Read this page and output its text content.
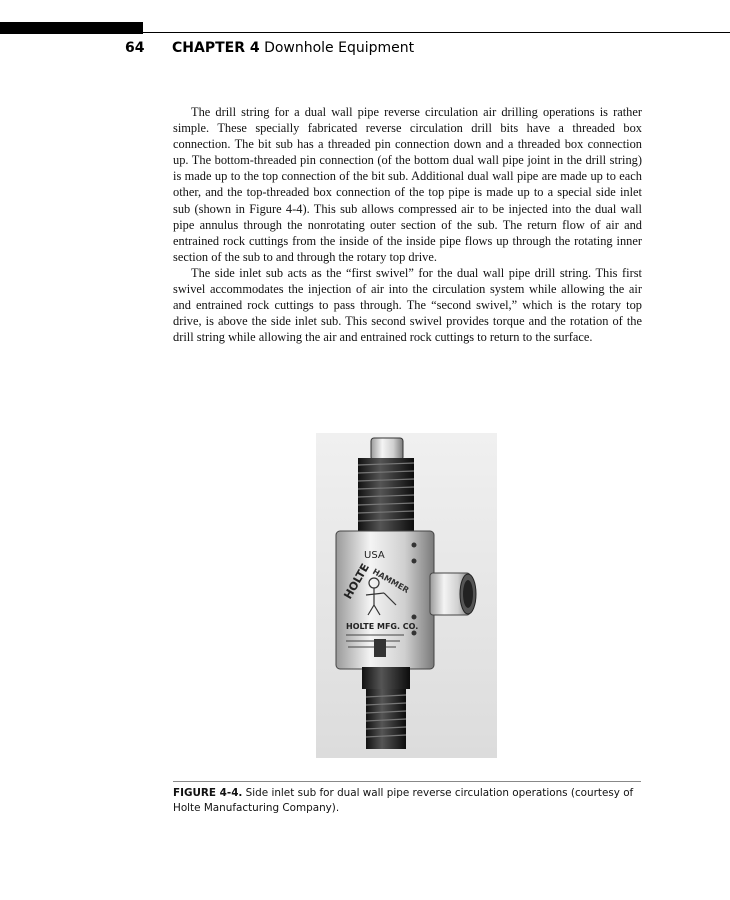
64 CHAPTER 4 Downhole Equipment

The drill string for a dual wall pipe reverse circulation air drilling operations is rather simple. These specially fabricated reverse circulation drill bits have a threaded box connection. The bit sub has a threaded pin connection down and a threaded box connection up. The bottom-threaded pin connection (of the bottom dual wall pipe joint in the drill string) is made up to the top connection of the bit sub. Additional dual wall pipe are made up to each other, and the top-threaded box connection of the top pipe is made up to a special side inlet sub (shown in Figure 4-4). This sub allows compressed air to be injected into the dual wall pipe annulus through the nonrotating outer section of the sub. The return flow of air and entrained rock cuttings from the inside of the inside pipe flows up through the rotating inner section of the sub to and through the rotary top drive.

The side inlet sub acts as the “first swivel” for the dual wall pipe drill string. This first swivel accommodates the injection of air into the circulation system while allowing the air and entrained rock cuttings to pass through. The “second swivel,” which is the rotary top drive, is above the side inlet sub. This second swivel provides torque and the rotation of the drill string while allowing the air and entrained rock cuttings to return to the surface.

USA
HOLTE HAMMER
HOLTE MFG. CO.
FIGURE 4-4. Side inlet sub for dual wall pipe reverse circulation operations (courtesy of Holte Manufacturing Company).
